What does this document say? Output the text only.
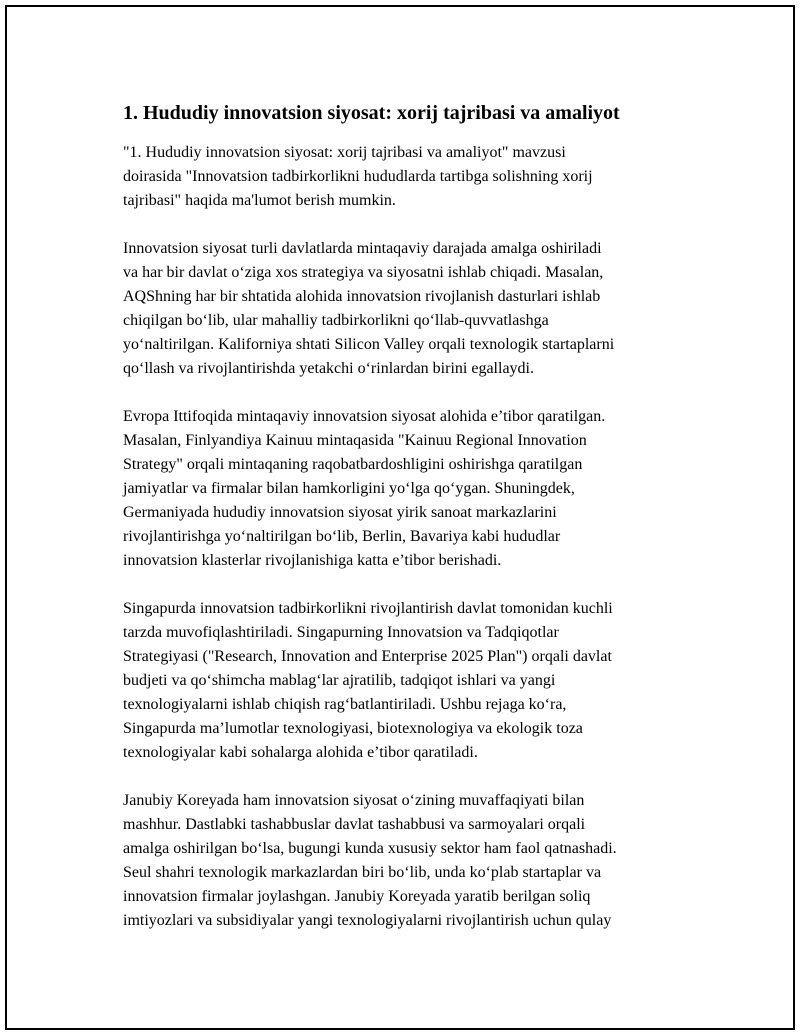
1. Hududiy innovatsion siyosat: xorij tajribasi va amaliyot

"1. Hududiy innovatsion siyosat: xorij tajribasi va amaliyot" mavzusi
doirasida "Innovatsion tadbirkorlikni hududlarda tartibga solishning xorij
tajribasi" haqida ma'lumot berish mumkin.

Innovatsion siyosat turli davlatlarda mintaqaviy darajada amalga oshiriladi
va har bir davlat o‘ziga xos strategiya va siyosatni ishlab chiqadi. Masalan,
AQShning har bir shtatida alohida innovatsion rivojlanish dasturlari ishlab
chiqilgan bo‘lib, ular mahalliy tadbirkorlikni qo‘llab-quvvatlashga
yo‘naltirilgan. Kaliforniya shtati Silicon Valley orqali texnologik startaplarni
qo‘llash va rivojlantirishda yetakchi o‘rinlardan birini egallaydi.

Evropa Ittifoqida mintaqaviy innovatsion siyosat alohida e’tibor qaratilgan.
Masalan, Finlyandiya Kainuu mintaqasida "Kainuu Regional Innovation
Strategy" orqali mintaqaning raqobatbardoshligini oshirishga qaratilgan
jamiyatlar va firmalar bilan hamkorligini yo‘lga qo‘ygan. Shuningdek,
Germaniyada hududiy innovatsion siyosat yirik sanoat markazlarini
rivojlantirishga yo‘naltirilgan bo‘lib, Berlin, Bavariya kabi hududlar
innovatsion klasterlar rivojlanishiga katta e’tibor berishadi.

Singapurda innovatsion tadbirkorlikni rivojlantirish davlat tomonidan kuchli
tarzda muvofiqlashtiriladi. Singapurning Innovatsion va Tadqiqotlar
Strategiyasi ("Research, Innovation and Enterprise 2025 Plan") orqali davlat
budjeti va qo‘shimcha mablag‘lar ajratilib, tadqiqot ishlari va yangi
texnologiyalarni ishlab chiqish rag‘batlantiriladi. Ushbu rejaga ko‘ra,
Singapurda ma’lumotlar texnologiyasi, biotexnologiya va ekologik toza
texnologiyalar kabi sohalarga alohida e’tibor qaratiladi.

Janubiy Koreyada ham innovatsion siyosat o‘zining muvaffaqiyati bilan
mashhur. Dastlabki tashabbuslar davlat tashabbusi va sarmoyalari orqali
amalga oshirilgan bo‘lsa, bugungi kunda xususiy sektor ham faol qatnashadi.
Seul shahri texnologik markazlardan biri bo‘lib, unda ko‘plab startaplar va
innovatsion firmalar joylashgan. Janubiy Koreyada yaratib berilgan soliq
imtiyozlari va subsidiyalar yangi texnologiyalarni rivojlantirish uchun qulay
